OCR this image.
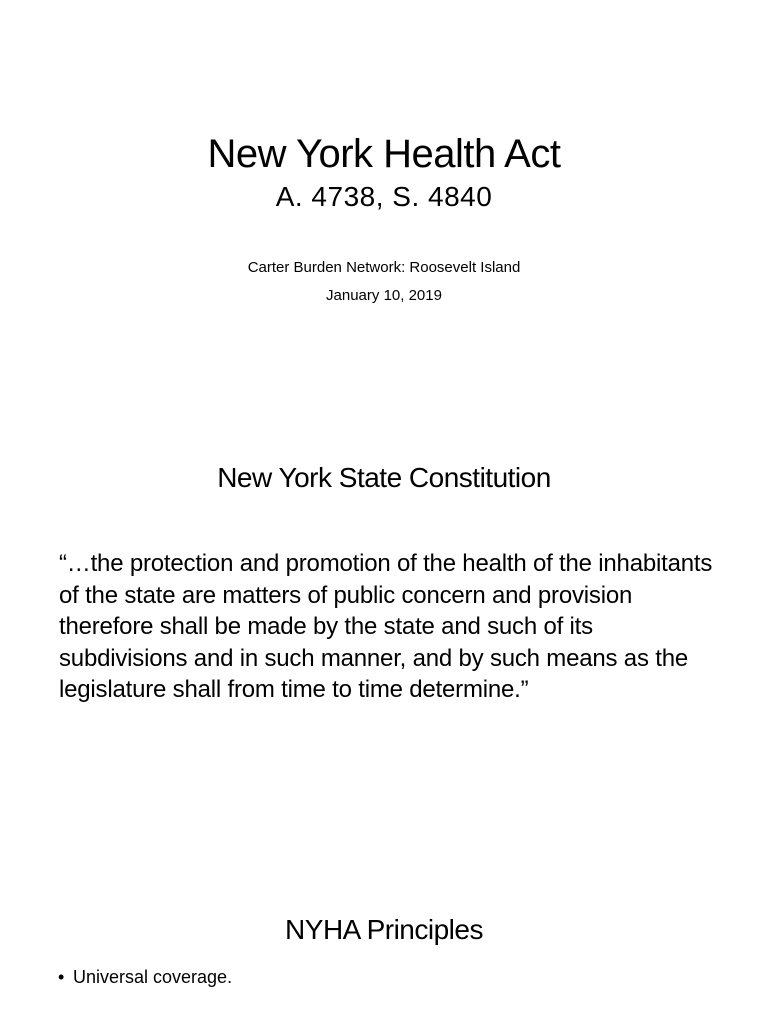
New York Health Act
A. 4738, S. 4840
Carter Burden Network: Roosevelt Island
January 10, 2019
New York State Constitution
“…the protection and promotion of the health of the inhabitants of the state are matters of public concern and provision therefore shall be made by the state and such of its subdivisions and in such manner, and by such means as the legislature shall from time to time determine.”
NYHA Principles
• Universal coverage.
